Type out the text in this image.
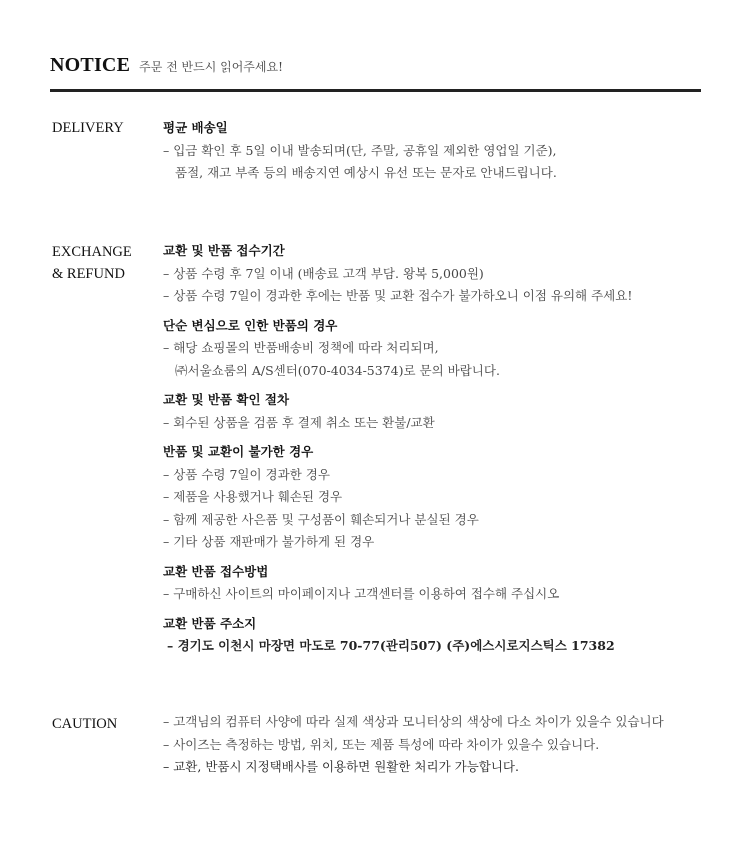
NOTICE 주문 전 반드시 읽어주세요!
DELIVERY	평균 배송일
– 입금 확인 후 5일 이내 발송되며(단, 주말, 공휴일 제외한 영업일 기준),
품절, 재고 부족 등의 배송지연 예상시 유선 또는 문자로 안내드립니다.
EXCHANGE
& REFUND
교환 및 반품 접수기간
– 상품 수령 후 7일 이내 (배송료 고객 부담. 왕복 5,000원)
– 상품 수령 7일이 경과한 후에는 반품 및 교환 접수가 불가하오니 이점 유의해 주세요!
단순 변심으로 인한 반품의 경우
– 해당 쇼핑몰의 반품배송비 정책에 따라 처리되며,
㈜서울쇼룸의 A/S센터(070-4034-5374)로 문의 바랍니다.
교환 및 반품 확인 절차
– 회수된 상품을 검품 후 결제 취소 또는 환불/교환
반품 및 교환이 불가한 경우
– 상품 수령 7일이 경과한 경우
– 제품을 사용했거나 훼손된 경우
– 함께 제공한 사은품 및 구성품이 훼손되거나 분실된 경우
– 기타 상품 재판매가 불가하게 된 경우
교환 반품 접수방법
– 구매하신 사이트의 마이페이지나 고객센터를 이용하여 접수해 주십시오
교환 반품 주소지
– 경기도 이천시 마장면 마도로 70-77(관리507) (주)에스시로지스틱스 17382
CAUTION	– 고객님의 컴퓨터 사양에 따라 실제 색상과 모니터상의 색상에 다소 차이가 있을수 있습니다
– 사이즈는 측정하는 방법, 위치, 또는 제품 특성에 따라 차이가 있을수 있습니다.
– 교환, 반품시 지정택배사를 이용하면 원활한 처리가 가능합니다.
